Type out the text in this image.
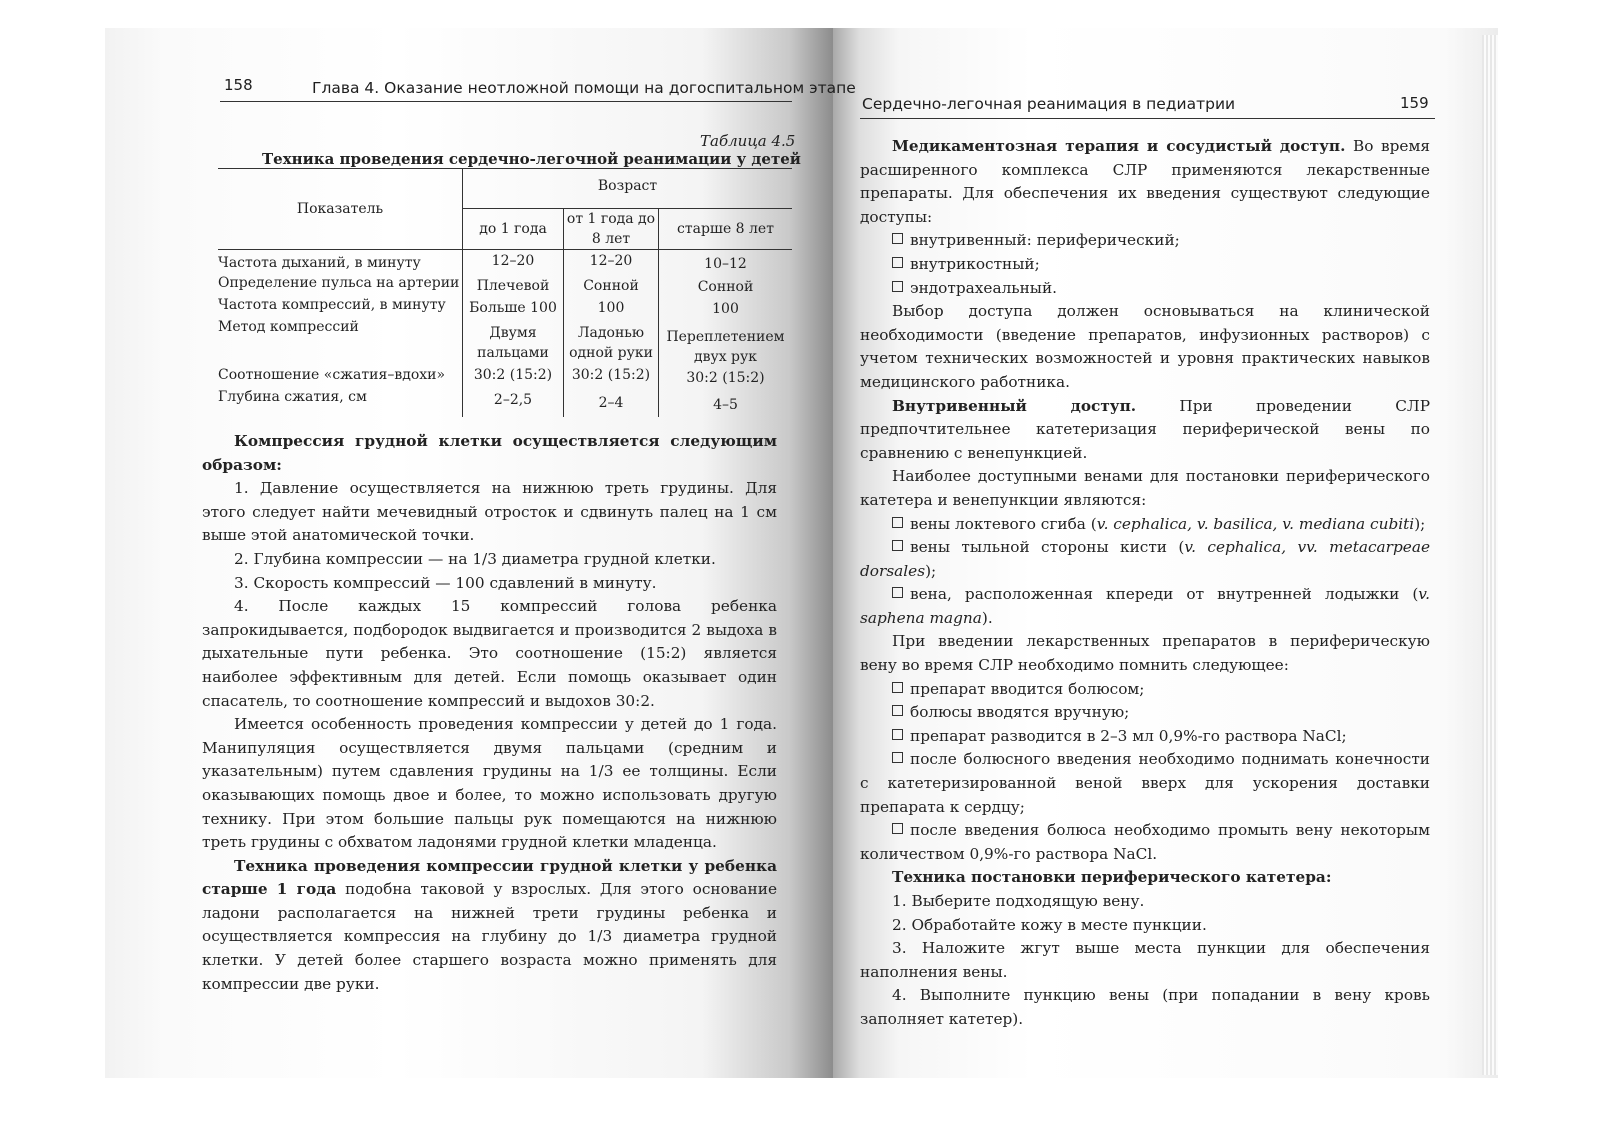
158	Глава 4. Оказание неотложной помощи на догоспитальном этапе
Таблица 4.5
Техника проведения сердечно-легочной реанимации у детей
Показатель	Возраст		
	до 1 года	от 1 года до 8 лет	старше 8 лет
Частота дыханий, в минуту	12–20	12–20	10–12
Определение пульса на артерии	Плечевой	Сонной	Сонной
Частота компрессий, в минуту	Больше 100	100	100
Метод компрессий	Двумя пальцами	Ладонью одной руки	Переплетением двух рук
Соотношение «сжатия–вдохи»	30:2 (15:2)	30:2 (15:2)	30:2 (15:2)
Глубина сжатия, см	2–2,5	2–4	4–5

Компрессия грудной клетки осуществляется следующим образом:

1. Давление осуществляется на нижнюю треть грудины. Для этого следует найти мечевидный отросток и сдвинуть палец на 1 см выше этой анатомической точки.

2. Глубина компрессии — на 1/3 диаметра грудной клетки.

3. Скорость компрессий — 100 сдавлений в минуту.

4. После каждых 15 компрессий голова ребенка запрокидывается, подбородок выдвигается и производится 2 выдоха в дыхательные пути ребенка. Это соотношение (15:2) является наиболее эффективным для детей. Если помощь оказывает один спасатель, то соотношение компрессий и выдохов 30:2.

Имеется особенность проведения компрессии у детей до 1 года. Манипуляция осуществляется двумя пальцами (средним и указательным) путем сдавления грудины на 1/3 ее толщины. Если оказывающих помощь двое и более, то можно использовать другую технику. При этом большие пальцы рук помещаются на нижнюю треть грудины с обхватом ладонями грудной клетки младенца.

Техника проведения компрессии грудной клетки у ребенка старше 1 года подобна таковой у взрослых. Для этого основание ладони располагается на нижней трети грудины ребенка и осуществляется компрессия на глубину до 1/3 диаметра грудной клетки. У детей более старшего возраста можно применять для компрессии две руки.

Сердечно-легочная реанимация в педиатрии	159

Медикаментозная терапия и сосудистый доступ. Во время расширенного комплекса СЛР применяются лекарственные препараты. Для обеспечения их введения существуют следующие доступы:

внутривенный: периферический;

внутрикостный;

эндотрахеальный.

Выбор доступа должен основываться на клинической необходимости (введение препаратов, инфузионных растворов) с учетом технических возможностей и уровня практических навыков медицинского работника.

Внутривенный доступ. При проведении СЛР предпочтительнее катетеризация периферической вены по сравнению с венепункцией.

Наиболее доступными венами для постановки периферического катетера и венепункции являются:

вены локтевого сгиба (v. cephalica, v. basilica, v. mediana cubiti);

вены тыльной стороны кисти (v. cephalica, vv. metacarpeae dorsales);

вена, расположенная кпереди от внутренней лодыжки (v. saphena magna).

При введении лекарственных препаратов в периферическую вену во время СЛР необходимо помнить следующее:

препарат вводится болюсом;

болюсы вводятся вручную;

препарат разводится в 2–3 мл 0,9%-го раствора NaCl;

после болюсного введения необходимо поднимать конечности с катетеризированной веной вверх для ускорения доставки препарата к сердцу;

после введения болюса необходимо промыть вену некоторым количеством 0,9%-го раствора NaCl.

Техника постановки периферического катетера:

1. Выберите подходящую вену.

2. Обработайте кожу в месте пункции.

3. Наложите жгут выше места пункции для обеспечения наполнения вены.

4. Выполните пункцию вены (при попадании в вену кровь заполняет катетер).
